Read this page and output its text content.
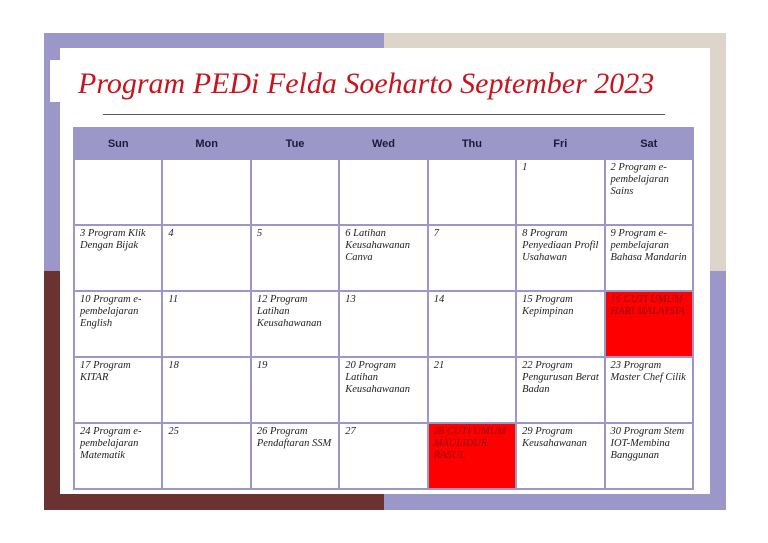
Program PEDi Felda Soeharto September 2023
Sun	Mon	Tue	Wed	Thu	Fri	Sat
					1	2 Program e-pembelajaran Sains
3 Program Klik Dengan Bijak	4	5	6 Latihan Keusahawanan Canva	7	8 Program Penyediaan Profil Usahawan	9 Program e-pembelajaran Bahasa Mandarin
10 Program e-pembelajaran English	11	12 Program Latihan Keusahawanan	13	14	15 Program Kepimpinan	16 CUTI UMUM HARI MALAYSIA
17 Program KITAR	18	19	20 Program Latihan Keusahawanan	21	22 Program Pengurusan Berat Badan	23 Program Master Chef Cilik
24 Program e-pembelajaran Matematik	25	26 Program Pendaftaran SSM	27	28 CUTI UMUM MAULIDUR RASUL	29 Program Keusahawanan	30 Program Stem IOT-Membina Banggunan
